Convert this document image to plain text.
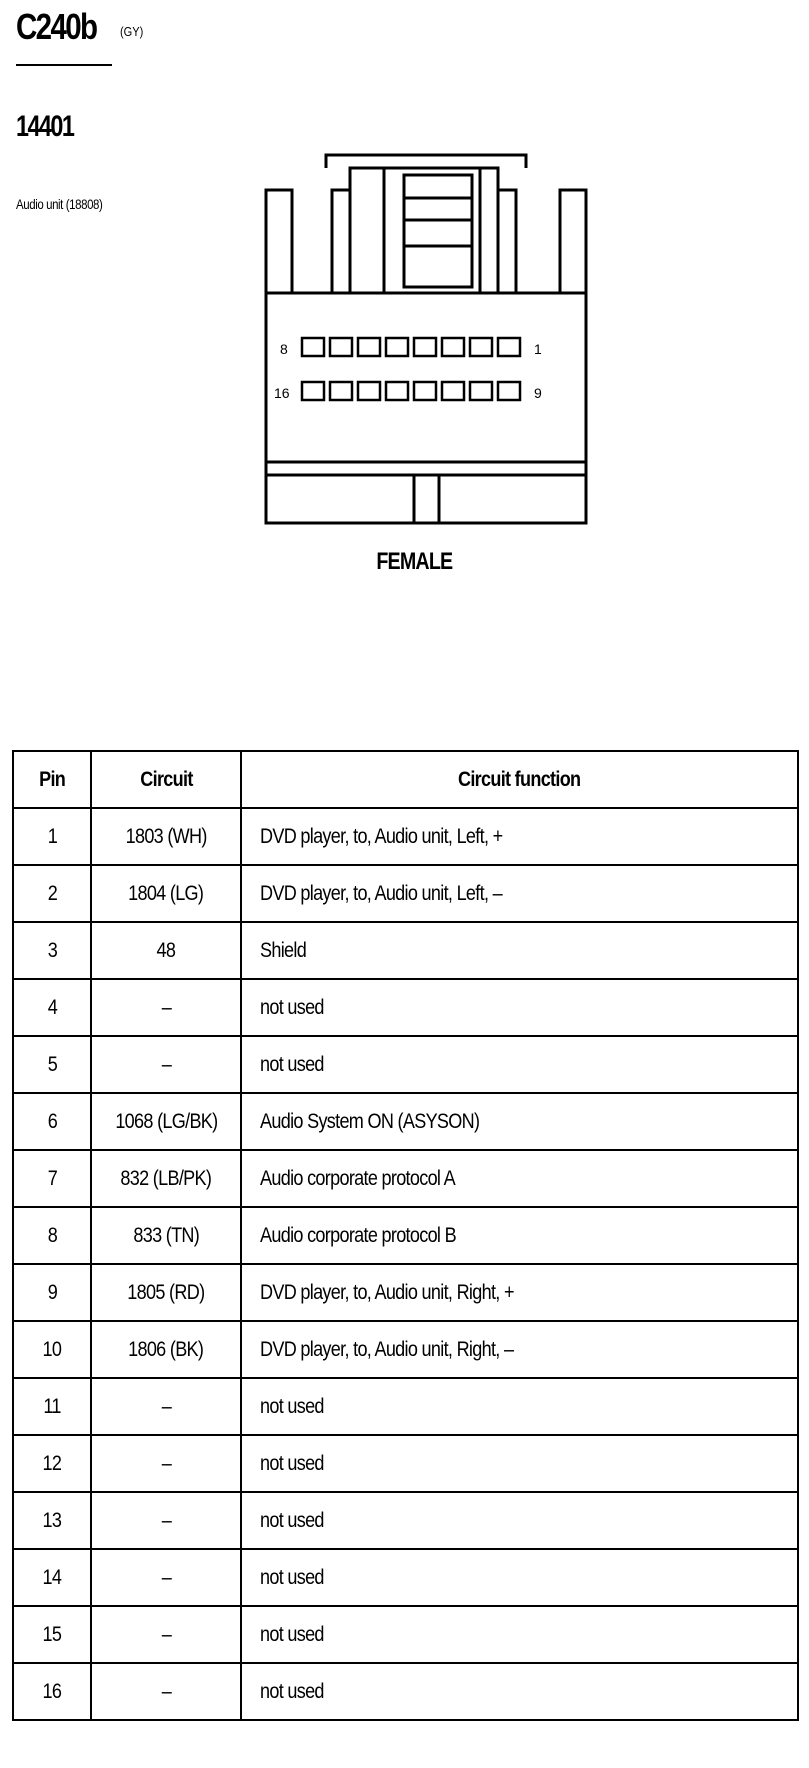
C240b (GY)
14401
Audio unit (18808)
8	1
16	9
FEMALE
Pin	Circuit	Circuit function
1	1803 (WH)	DVD player, to, Audio unit, Left, +
2	1804 (LG)	DVD player, to, Audio unit, Left, –
3	48	Shield
4	–	not used
5	–	not used
6	1068 (LG/BK)	Audio System ON (ASYSON)
7	832 (LB/PK)	Audio corporate protocol A
8	833 (TN)	Audio corporate protocol B
9	1805 (RD)	DVD player, to, Audio unit, Right, +
10	1806 (BK)	DVD player, to, Audio unit, Right, –
11	–	not used
12	–	not used
13	–	not used
14	–	not used
15	–	not used
16	–	not used
